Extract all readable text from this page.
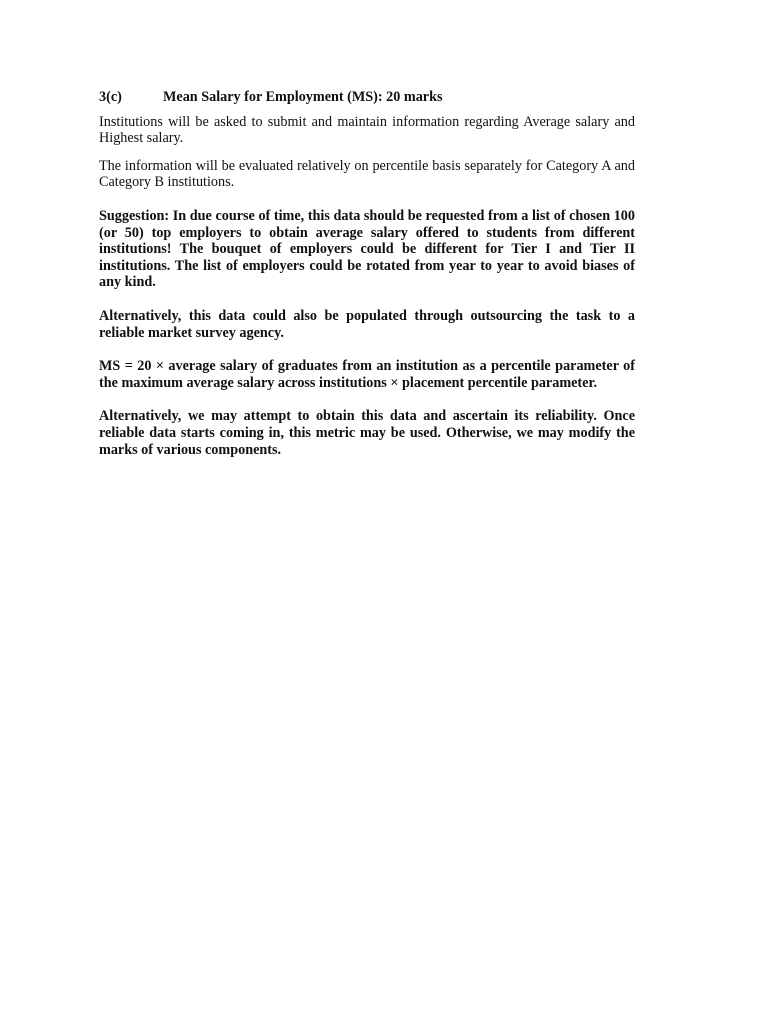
3(c)	Mean Salary for Employment (MS): 20 marks

Institutions will be asked to submit and maintain information regarding Average salary and Highest salary.

The information will be evaluated relatively on percentile basis separately for Category A and Category B institutions.

Suggestion: In due course of time, this data should be requested from a list of chosen 100 (or 50) top employers to obtain average salary offered to students from different institutions! The bouquet of employers could be different for Tier I and Tier II institutions. The list of employers could be rotated from year to year to avoid biases of any kind.

Alternatively, this data could also be populated through outsourcing the task to a reliable market survey agency.

MS = 20 × average salary of graduates from an institution as a percentile parameter of the maximum average salary across institutions × placement percentile parameter.

Alternatively, we may attempt to obtain this data and ascertain its reliability. Once reliable data starts coming in, this metric may be used. Otherwise, we may modify the marks of various components.
